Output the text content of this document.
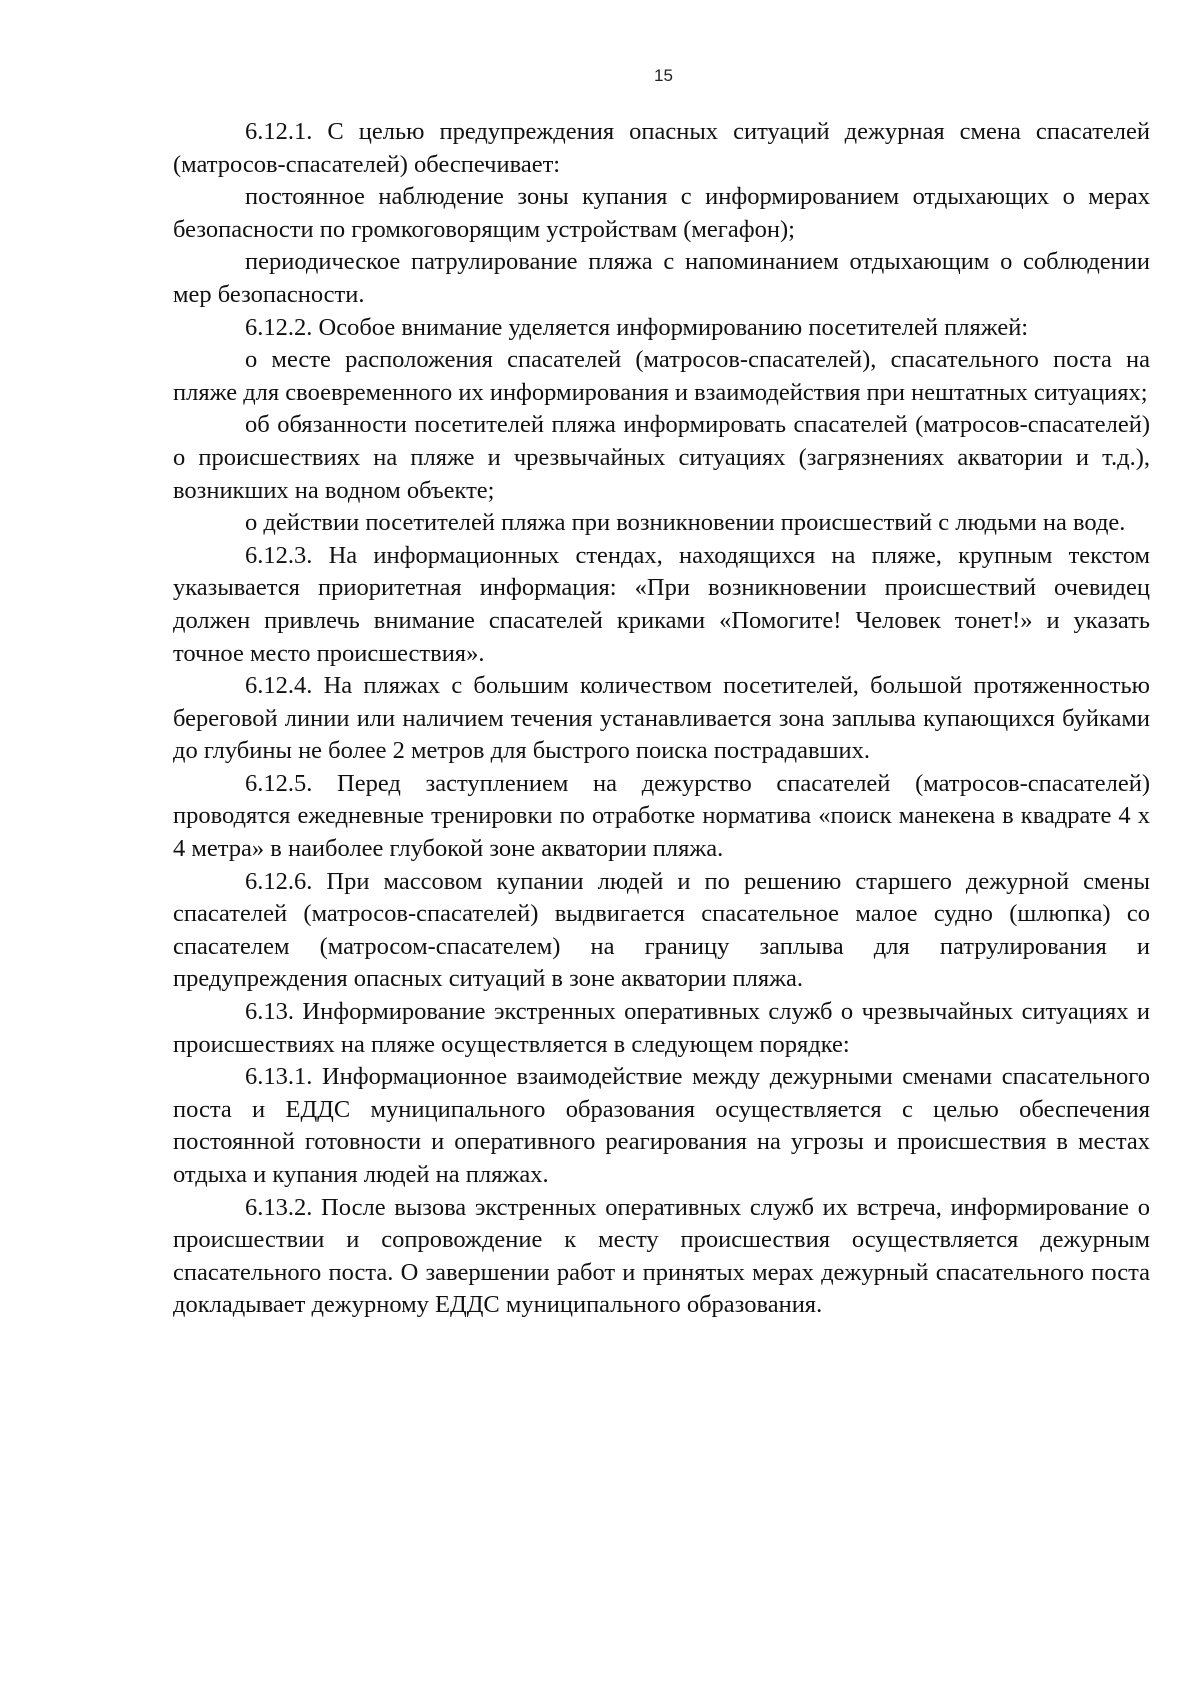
15

6.12.1. С целью предупреждения опасных ситуаций дежурная смена спасателей (матросов-спасателей) обеспечивает:

постоянное наблюдение зоны купания с информированием отдыхающих о мерах безопасности по громкоговорящим устройствам (мегафон);

периодическое патрулирование пляжа с напоминанием отдыхающим о соблюдении мер безопасности.

6.12.2. Особое внимание уделяется информированию посетителей пляжей:

о месте расположения спасателей (матросов-спасателей), спасательного поста на пляже для своевременного их информирования и взаимодействия при нештатных ситуациях;

об обязанности посетителей пляжа информировать спасателей (матросов-спасателей) о происшествиях на пляже и чрезвычайных ситуациях (загрязнениях акватории и т.д.), возникших на водном объекте;

о действии посетителей пляжа при возникновении происшествий с людьми на воде.

6.12.3. На информационных стендах, находящихся на пляже, крупным текстом указывается приоритетная информация: «При возникновении происшествий очевидец должен привлечь внимание спасателей криками «Помогите! Человек тонет!» и указать точное место происшествия».

6.12.4. На пляжах с большим количеством посетителей, большой протяженностью береговой линии или наличием течения устанавливается зона заплыва купающихся буйками до глубины не более 2 метров для быстрого поиска пострадавших.

6.12.5. Перед заступлением на дежурство спасателей (матросов-спасателей) проводятся ежедневные тренировки по отработке норматива «поиск манекена в квадрате 4 х 4 метра» в наиболее глубокой зоне акватории пляжа.

6.12.6. При массовом купании людей и по решению старшего дежурной смены спасателей (матросов-спасателей) выдвигается спасательное малое судно (шлюпка) со спасателем (матросом-спасателем) на границу заплыва для патрулирования и предупреждения опасных ситуаций в зоне акватории пляжа.

6.13. Информирование экстренных оперативных служб о чрезвычайных ситуациях и происшествиях на пляже осуществляется в следующем порядке:

6.13.1. Информационное взаимодействие между дежурными сменами спасательного поста и ЕДДС муниципального образования осуществляется с целью обеспечения постоянной готовности и оперативного реагирования на угрозы и происшествия в местах отдыха и купания людей на пляжах.

6.13.2. После вызова экстренных оперативных служб их встреча, информирование о происшествии и сопровождение к месту происшествия осуществляется дежурным спасательного поста. О завершении работ и принятых мерах дежурный спасательного поста докладывает дежурному ЕДДС муниципального образования.
